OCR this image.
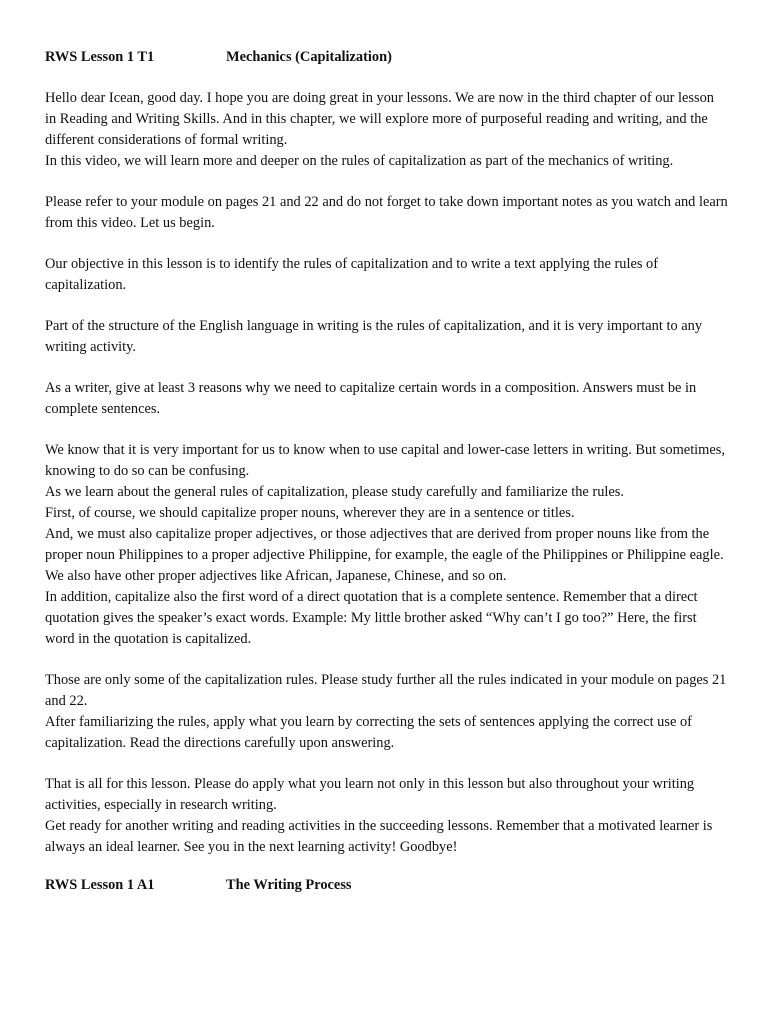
RWS Lesson 1 T1	Mechanics (Capitalization)

Hello dear Icean, good day. I hope you are doing great in your lessons. We are now in the third chapter of our lesson in Reading and Writing Skills. And in this chapter, we will explore more of purposeful reading and writing, and the different considerations of formal writing.

In this video, we will learn more and deeper on the rules of capitalization as part of the mechanics of writing.

Please refer to your module on pages 21 and 22 and do not forget to take down important notes as you watch and learn from this video. Let us begin.

Our objective in this lesson is to identify the rules of capitalization and to write a text applying the rules of capitalization.

Part of the structure of the English language in writing is the rules of capitalization, and it is very important to any writing activity.

As a writer, give at least 3 reasons why we need to capitalize certain words in a composition. Answers must be in complete sentences.

We know that it is very important for us to know when to use capital and lower-case letters in writing. But sometimes, knowing to do so can be confusing.

As we learn about the general rules of capitalization, please study carefully and familiarize the rules.

First, of course, we should capitalize proper nouns, wherever they are in a sentence or titles.

And, we must also capitalize proper adjectives, or those adjectives that are derived from proper nouns like from the proper noun Philippines to a proper adjective Philippine, for example, the eagle of the Philippines or Philippine eagle. We also have other proper adjectives like African, Japanese, Chinese, and so on.

In addition, capitalize also the first word of a direct quotation that is a complete sentence. Remember that a direct quotation gives the speaker’s exact words. Example: My little brother asked “Why can’t I go too?” Here, the first word in the quotation is capitalized.

Those are only some of the capitalization rules. Please study further all the rules indicated in your module on pages 21 and 22.

After familiarizing the rules, apply what you learn by correcting the sets of sentences applying the correct use of capitalization. Read the directions carefully upon answering.

That is all for this lesson. Please do apply what you learn not only in this lesson but also throughout your writing activities, especially in research writing.

Get ready for another writing and reading activities in the succeeding lessons. Remember that a motivated learner is always an ideal learner. See you in the next learning activity! Goodbye!

RWS Lesson 1 A1	The Writing Process
